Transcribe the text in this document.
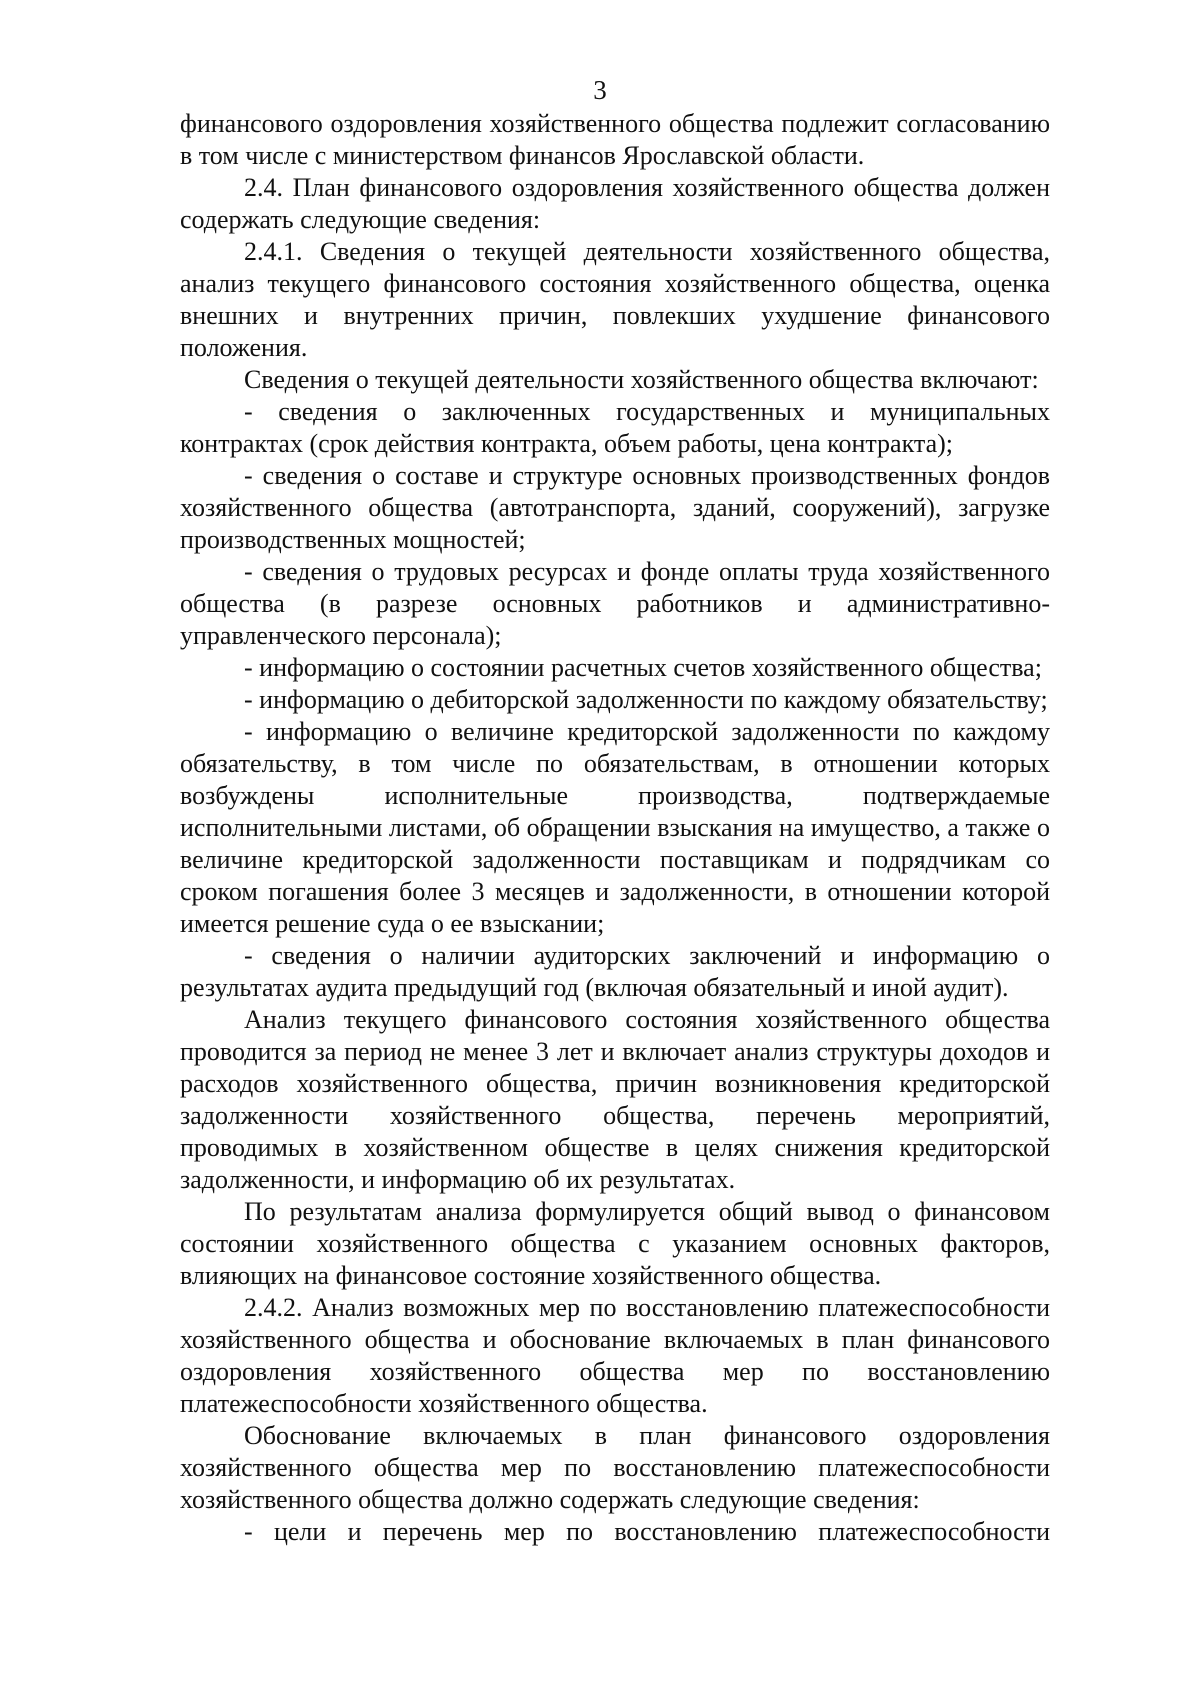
3

финансового оздоровления хозяйственного общества подлежит согласованию в том числе с министерством финансов Ярославской области.

2.4. План финансового оздоровления хозяйственного общества должен содержать следующие сведения:

2.4.1. Сведения о текущей деятельности хозяйственного общества, анализ текущего финансового состояния хозяйственного общества, оценка внешних и внутренних причин, повлекших ухудшение финансового положения.

Сведения о текущей деятельности хозяйственного общества включают:

- сведения о заключенных государственных и муниципальных контрактах (срок действия контракта, объем работы, цена контракта);

- сведения о составе и структуре основных производственных фондов хозяйственного общества (автотранспорта, зданий, сооружений), загрузке производственных мощностей;

- сведения о трудовых ресурсах и фонде оплаты труда хозяйственного общества (в разрезе основных работников и административно-управленческого персонала);

- информацию о состоянии расчетных счетов хозяйственного общества;

- информацию о дебиторской задолженности по каждому обязательству;

- информацию о величине кредиторской задолженности по каждому обязательству, в том числе по обязательствам, в отношении которых возбуждены исполнительные производства, подтверждаемые исполнительными листами, об обращении взыскания на имущество, а также о величине кредиторской задолженности поставщикам и подрядчикам со сроком погашения более 3 месяцев и задолженности, в отношении которой имеется решение суда о ее взыскании;

- сведения о наличии аудиторских заключений и информацию о результатах аудита предыдущий год (включая обязательный и иной аудит).

Анализ текущего финансового состояния хозяйственного общества проводится за период не менее 3 лет и включает анализ структуры доходов и расходов хозяйственного общества, причин возникновения кредиторской задолженности хозяйственного общества, перечень мероприятий, проводимых в хозяйственном обществе в целях снижения кредиторской задолженности, и информацию об их результатах.

По результатам анализа формулируется общий вывод о финансовом состоянии хозяйственного общества с указанием основных факторов, влияющих на финансовое состояние хозяйственного общества.

2.4.2. Анализ возможных мер по восстановлению платежеспособности хозяйственного общества и обоснование включаемых в план финансового оздоровления хозяйственного общества мер по восстановлению платежеспособности хозяйственного общества.

Обоснование включаемых в план финансового оздоровления хозяйственного общества мер по восстановлению платежеспособности хозяйственного общества должно содержать следующие сведения:

- цели и перечень мер по восстановлению платежеспособности
